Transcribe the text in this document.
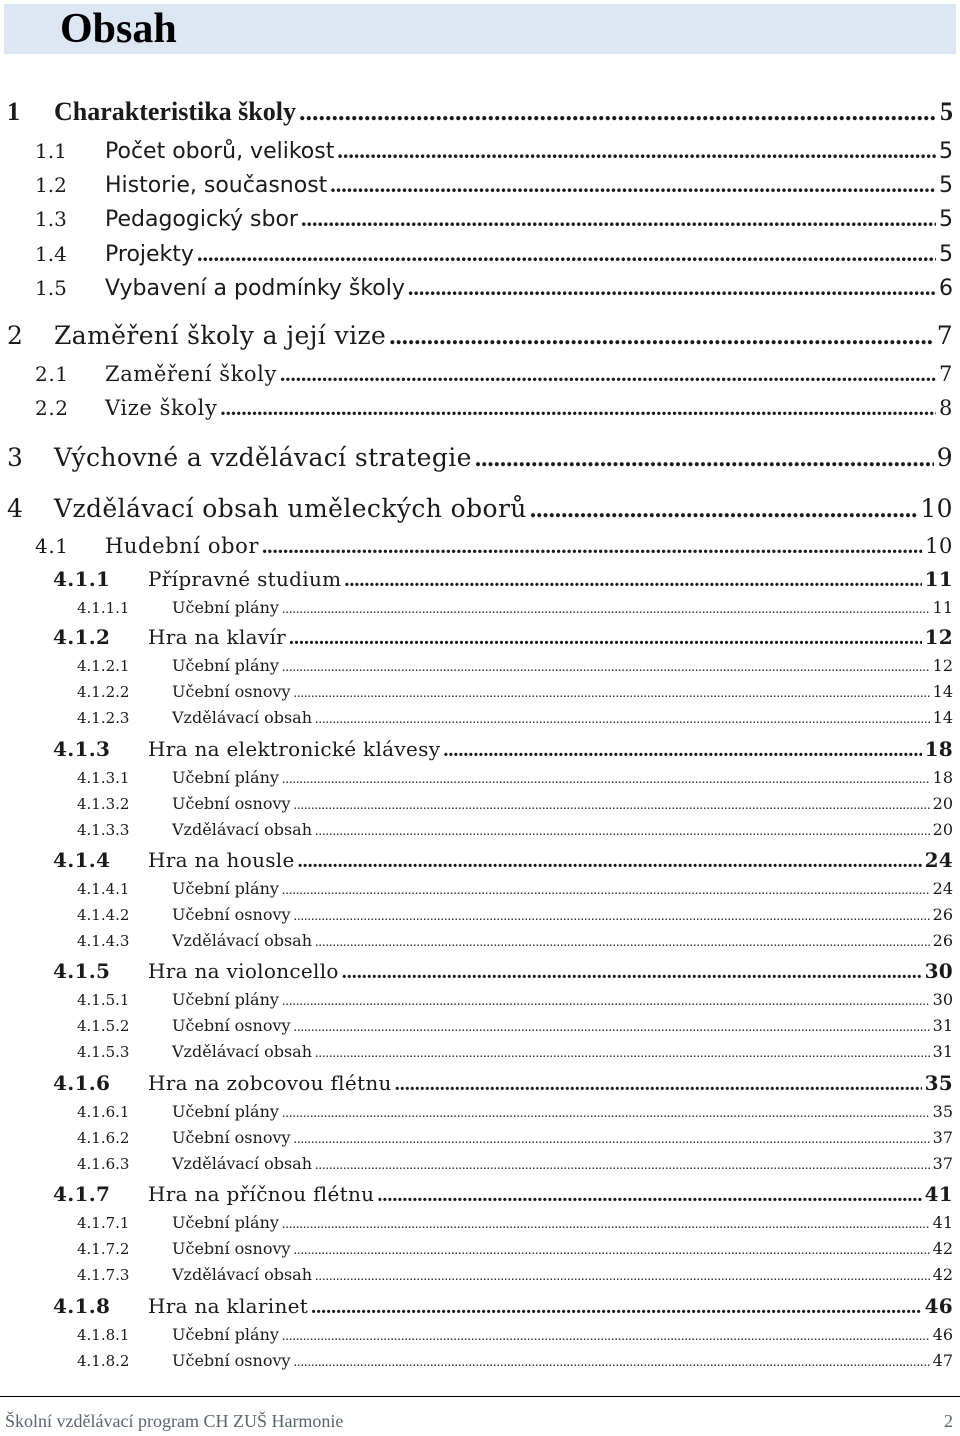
Obsah
1	Charakteristika školy .....	5
1.1	Počet oborů, velikost .....	5
1.2	Historie, současnost .....	5
1.3	Pedagogický sbor .....	5
1.4	Projekty .....	5
1.5	Vybavení a podmínky školy .....	6
2	Zaměření školy a její vize .....	7
2.1	Zaměření školy .....	7
2.2	Vize školy .....	8
3	Výchovné a vzdělávací strategie .....	9
4	Vzdělávací obsah uměleckých oborů .....	10
4.1	Hudební obor .....	10
4.1.1	Přípravné studium .....	11
4.1.1.1	Učební plány .....	11
4.1.2	Hra na klavír .....	12
4.1.2.1	Učební plány .....	12
4.1.2.2	Učební osnovy .....	14
4.1.2.3	Vzdělávací obsah .....	14
4.1.3	Hra na elektronické klávesy .....	18
4.1.3.1	Učební plány .....	18
4.1.3.2	Učební osnovy .....	20
4.1.3.3	Vzdělávací obsah .....	20
4.1.4	Hra na housle .....	24
4.1.4.1	Učební plány .....	24
4.1.4.2	Učební osnovy .....	26
4.1.4.3	Vzdělávací obsah .....	26
4.1.5	Hra na violoncello .....	30
4.1.5.1	Učební plány .....	30
4.1.5.2	Učební osnovy .....	31
4.1.5.3	Vzdělávací obsah .....	31
4.1.6	Hra na zobcovou flétnu .....	35
4.1.6.1	Učební plány .....	35
4.1.6.2	Učební osnovy .....	37
4.1.6.3	Vzdělávací obsah .....	37
4.1.7	Hra na příčnou flétnu .....	41
4.1.7.1	Učební plány .....	41
4.1.7.2	Učební osnovy .....	42
4.1.7.3	Vzdělávací obsah .....	42
4.1.8	Hra na klarinet .....	46
4.1.8.1	Učební plány .....	46
4.1.8.2	Učební osnovy .....	47
Školní vzdělávací program CH ZUŠ Harmonie	2
